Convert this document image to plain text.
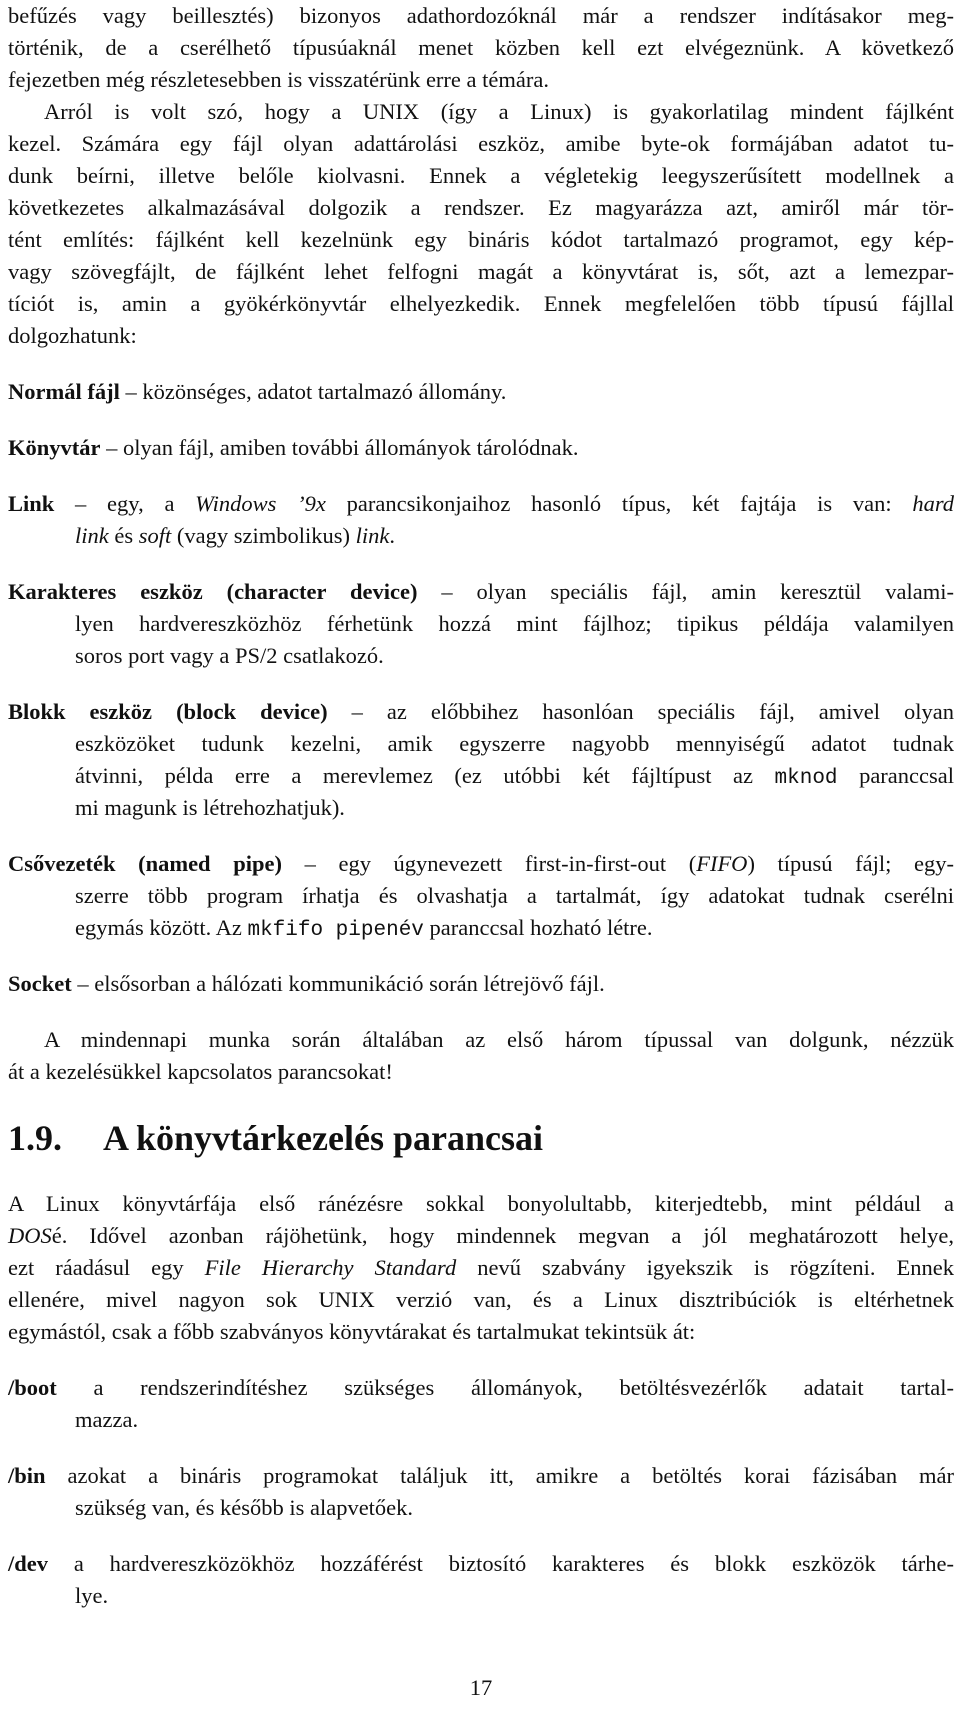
befűzés vagy beillesztés) bizonyos adathordozóknál már a rendszer indításakor meg-
történik, de a cserélhető típusúaknál menet közben kell ezt elvégeznünk. A következő
fejezetben még részletesebben is visszatérünk erre a témára.
Arról is volt szó, hogy a UNIX (így a Linux) is gyakorlatilag mindent fájlként
kezel. Számára egy fájl olyan adattárolási eszköz, amibe byte-ok formájában adatot tu-
dunk beírni, illetve belőle kiolvasni. Ennek a végletekig leegyszerűsített modellnek a
következetes alkalmazásával dolgozik a rendszer. Ez magyarázza azt, amiről már tör-
tént említés: fájlként kell kezelnünk egy bináris kódot tartalmazó programot, egy kép-
vagy szövegfájlt, de fájlként lehet felfogni magát a könyvtárat is, sőt, azt a lemezpar-
tíciót is, amin a gyökérkönyvtár elhelyezkedik. Ennek megfelelően több típusú fájllal
dolgozhatunk:
Normál fájl – közönséges, adatot tartalmazó állomány.
Könyvtár – olyan fájl, amiben további állományok tárolódnak.
Link – egy, a Windows ’9x parancsikonjaihoz hasonló típus, két fajtája is van: hard
link és soft (vagy szimbolikus) link.
Karakteres eszköz (character device) – olyan speciális fájl, amin keresztül valami-
lyen hardvereszközhöz férhetünk hozzá mint fájlhoz; tipikus példája valamilyen
soros port vagy a PS/2 csatlakozó.
Blokk eszköz (block device) – az előbbihez hasonlóan speciális fájl, amivel olyan
eszközöket tudunk kezelni, amik egyszerre nagyobb mennyiségű adatot tudnak
átvinni, példa erre a merevlemez (ez utóbbi két fájltípust az mknod paranccsal
mi magunk is létrehozhatjuk).
Csővezeték (named pipe) – egy úgynevezett first-in-first-out (FIFO) típusú fájl; egy-
szerre több program írhatja és olvashatja a tartalmát, így adatokat tudnak cserélni
egymás között. Az mkfifo pipenév paranccsal hozható létre.
Socket – elsősorban a hálózati kommunikáció során létrejövő fájl.
A mindennapi munka során általában az első három típussal van dolgunk, nézzük
át a kezelésükkel kapcsolatos parancsokat!
1.9. A könyvtárkezelés parancsai
A Linux könyvtárfája első ránézésre sokkal bonyolultabb, kiterjedtebb, mint például a
DOSé. Idővel azonban rájöhetünk, hogy mindennek megvan a jól meghatározott helye,
ezt ráadásul egy File Hierarchy Standard nevű szabvány igyekszik is rögzíteni. Ennek
ellenére, mivel nagyon sok UNIX verzió van, és a Linux disztribúciók is eltérhetnek
egymástól, csak a főbb szabványos könyvtárakat és tartalmukat tekintsük át:
/boot a rendszerindítéshez szükséges állományok, betöltésvezérlők adatait tartal-
mazza.
/bin azokat a bináris programokat találjuk itt, amikre a betöltés korai fázisában már
szükség van, és később is alapvetőek.
/dev a hardvereszközökhöz hozzáférést biztosító karakteres és blokk eszközök tárhe-
lye.
17
